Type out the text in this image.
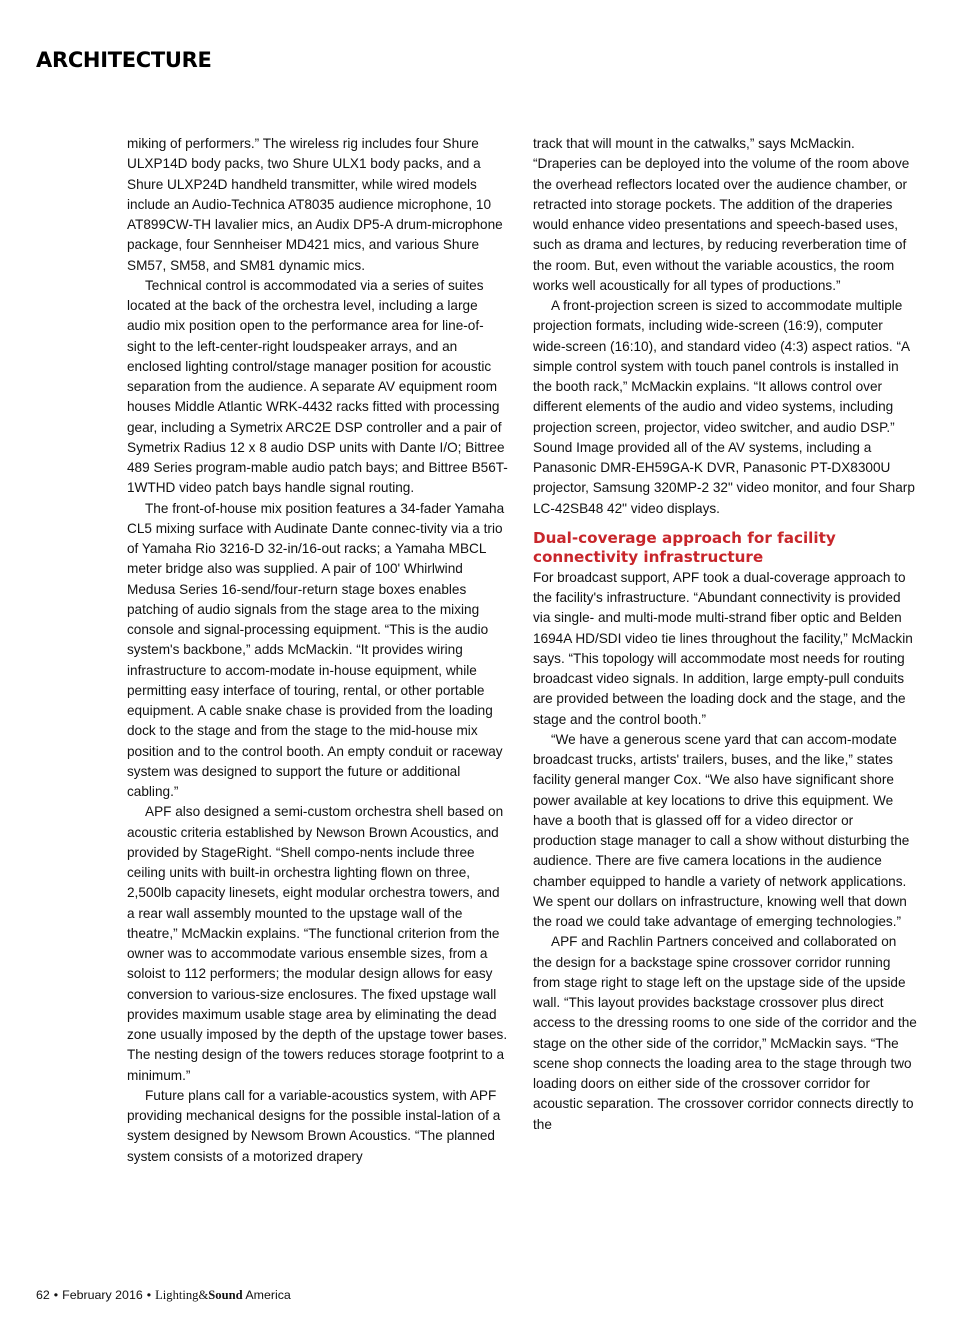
ARCHITECTURE

miking of performers.” The wireless rig includes four Shure ULXP14D body packs, two Shure ULX1 body packs, and a Shure ULXP24D handheld transmitter, while wired models include an Audio-Technica AT8035 audience microphone, 10 AT899CW-TH lavalier mics, an Audix DP5-A drum-microphone package, four Sennheiser MD421 mics, and various Shure SM57, SM58, and SM81 dynamic mics.

Technical control is accommodated via a series of suites located at the back of the orchestra level, including a large audio mix position open to the performance area for line-of-sight to the left-center-right loudspeaker arrays, and an enclosed lighting control/stage manager position for acoustic separation from the audience. A separate AV equipment room houses Middle Atlantic WRK-4432 racks fitted with processing gear, including a Symetrix ARC2E DSP controller and a pair of Symetrix Radius 12 x 8 audio DSP units with Dante I/O; Bittree 489 Series program-mable audio patch bays; and Bittree B56T-1WTHD video patch bays handle signal routing.

The front-of-house mix position features a 34-fader Yamaha CL5 mixing surface with Audinate Dante connec-tivity via a trio of Yamaha Rio 3216-D 32-in/16-out racks; a Yamaha MBCL meter bridge also was supplied. A pair of 100' Whirlwind Medusa Series 16-send/four-return stage boxes enables patching of audio signals from the stage area to the mixing console and signal-processing equipment. “This is the audio system's backbone,” adds McMackin. “It provides wiring infrastructure to accom-modate in-house equipment, while permitting easy interface of touring, rental, or other portable equipment. A cable snake chase is provided from the loading dock to the stage and from the stage to the mid-house mix position and to the control booth. An empty conduit or raceway system was designed to support the future or additional cabling.”

APF also designed a semi-custom orchestra shell based on acoustic criteria established by Newson Brown Acoustics, and provided by StageRight. “Shell compo-nents include three ceiling units with built-in orchestra lighting flown on three, 2,500lb capacity linesets, eight modular orchestra towers, and a rear wall assembly mounted to the upstage wall of the theatre,” McMackin explains. “The functional criterion from the owner was to accommodate various ensemble sizes, from a soloist to 112 performers; the modular design allows for easy conversion to various-size enclosures. The fixed upstage wall provides maximum usable stage area by eliminating the dead zone usually imposed by the depth of the upstage tower bases. The nesting design of the towers reduces storage footprint to a minimum.”

Future plans call for a variable-acoustics system, with APF providing mechanical designs for the possible instal-lation of a system designed by Newsom Brown Acoustics. “The planned system consists of a motorized drapery

track that will mount in the catwalks,” says McMackin. “Draperies can be deployed into the volume of the room above the overhead reflectors located over the audience chamber, or retracted into storage pockets. The addition of the draperies would enhance video presentations and speech-based uses, such as drama and lectures, by reducing reverberation time of the room. But, even without the variable acoustics, the room works well acoustically for all types of productions.”

A front-projection screen is sized to accommodate multiple projection formats, including wide-screen (16:9), computer wide-screen (16:10), and standard video (4:3) aspect ratios. “A simple control system with touch panel controls is installed in the booth rack,” McMackin explains. “It allows control over different elements of the audio and video systems, including projection screen, projector, video switcher, and audio DSP.” Sound Image provided all of the AV systems, including a Panasonic DMR-EH59GA-K DVR, Panasonic PT-DX8300U projector, Samsung 320MP-2 32" video monitor, and four Sharp LC-42SB48 42" video displays.

Dual-coverage approach for facility connectivity infrastructure

For broadcast support, APF took a dual-coverage approach to the facility's infrastructure. “Abundant connectivity is provided via single- and multi-mode multi-strand fiber optic and Belden 1694A HD/SDI video tie lines throughout the facility,” McMackin says. “This topology will accommodate most needs for routing broadcast video signals. In addition, large empty-pull conduits are provided between the loading dock and the stage, and the stage and the control booth.”

“We have a generous scene yard that can accom-modate broadcast trucks, artists' trailers, buses, and the like,” states facility general manger Cox. “We also have significant shore power available at key locations to drive this equipment. We have a booth that is glassed off for a video director or production stage manager to call a show without disturbing the audience. There are five camera locations in the audience chamber equipped to handle a variety of network applications. We spent our dollars on infrastructure, knowing well that down the road we could take advantage of emerging technologies.”

APF and Rachlin Partners conceived and collaborated on the design for a backstage spine crossover corridor running from stage right to stage left on the upstage side of the upside wall. “This layout provides backstage crossover plus direct access to the dressing rooms to one side of the corridor and the stage on the other side of the corridor,” McMackin says. “The scene shop connects the loading area to the stage through two loading doors on either side of the crossover corridor for acoustic separation. The crossover corridor connects directly to the

62 • February 2016 • Lighting&Sound America
